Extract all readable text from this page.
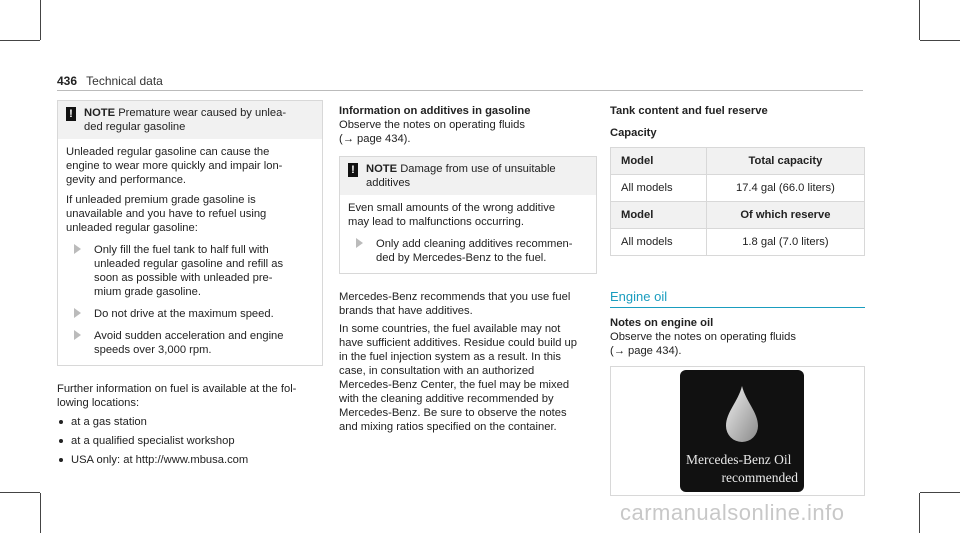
436 Technical data
! NOTE Premature wear caused by unlea-

ded regular gasoline

Unleaded regular gasoline can cause the

engine to wear more quickly and impair lon-

gevity and performance.

If unleaded premium grade gasoline is

unavailable and you have to refuel using

unleaded regular gasoline:

Only fill the fuel tank to half full with

unleaded regular gasoline and refill as

soon as possible with unleaded pre-

mium grade gasoline.

Do not drive at the maximum speed.

Avoid sudden acceleration and engine

speeds over 3,000 rpm.

Further information on fuel is available at the fol-

lowing locations:

at a gas station
at a qualified specialist workshop
USA only: at http://www.mbusa.com

Information on additives in gasoline

Observe the notes on operating fluids

(→ page 434).

! NOTE Damage from use of unsuitable

additives

Even small amounts of the wrong additive

may lead to malfunctions occurring.

Only add cleaning additives recommen-

ded by Mercedes-Benz to the fuel.

Mercedes-Benz recommends that you use fuel

brands that have additives.

In some countries, the fuel available may not

have sufficient additives. Residue could build up

in the fuel injection system as a result. In this

case, in consultation with an authorized

Mercedes-Benz Center, the fuel may be mixed

with the cleaning additive recommended by

Mercedes-Benz. Be sure to observe the notes

and mixing ratios specified on the container.

Tank content and fuel reserve

Capacity

Model	Total capacity
All models	17.4 gal (66.0 liters)
Model	Of which reserve
All models	1.8 gal (7.0 liters)

Engine oil

Notes on engine oil

Observe the notes on operating fluids

(→ page 434).

Mercedes-Benz Oil
recommended
carmanualsonline.info
